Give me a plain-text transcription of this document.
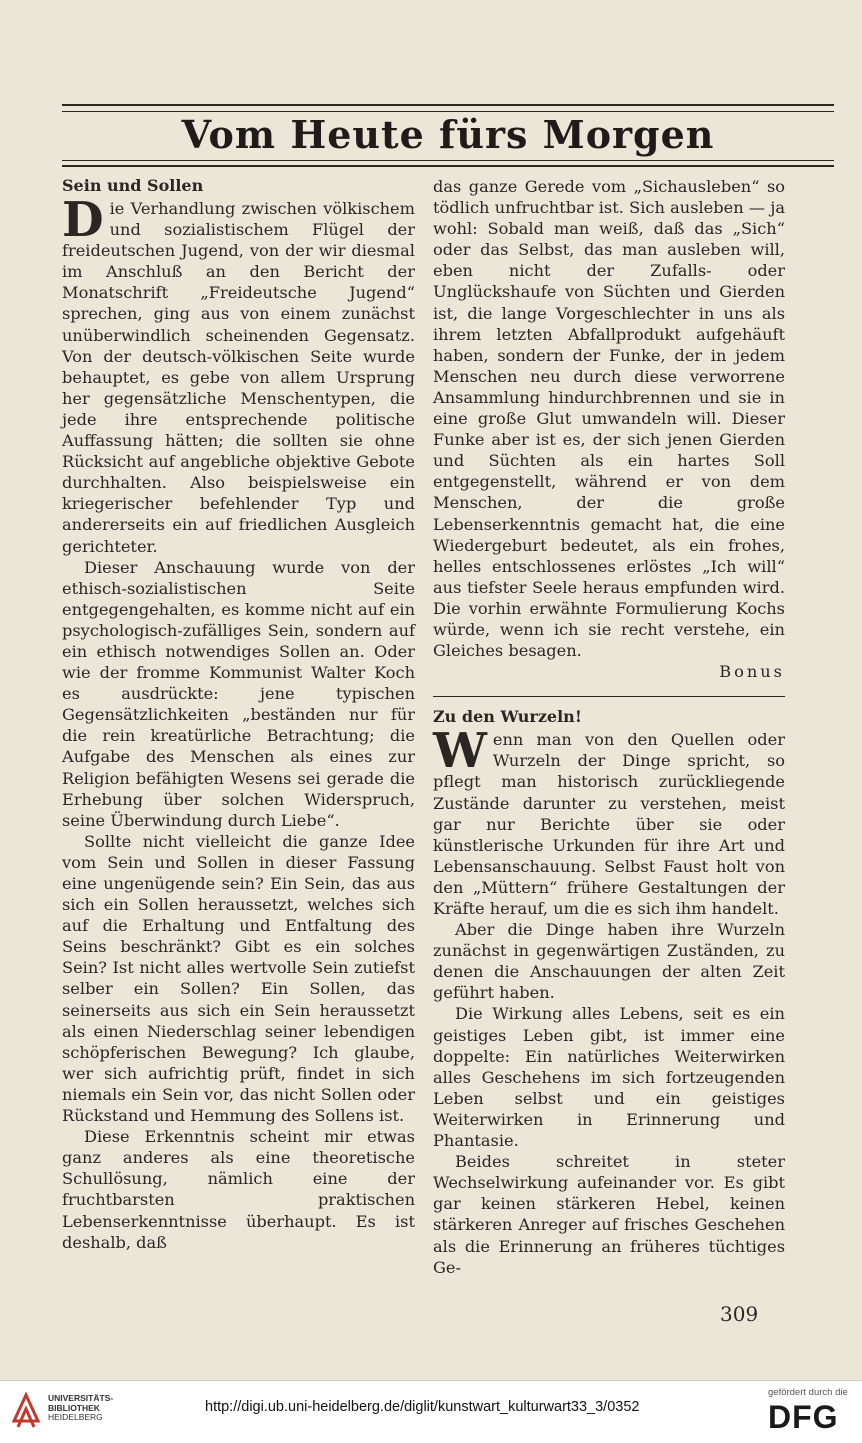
Vom Heute fürs Morgen
Sein und Sollen

Die Verhandlung zwischen völkischem und sozialistischem Flügel der freideutschen Jugend, von der wir diesmal im Anschluß an den Bericht der Monatschrift „Freideutsche Jugend“ sprechen, ging aus von einem zunächst unüberwindlich scheinenden Gegensatz. Von der deutsch-völkischen Seite wurde behauptet, es gebe von allem Ursprung her gegensätzliche Menschentypen, die jede ihre entsprechende politische Auffassung hätten; die sollten sie ohne Rücksicht auf angebliche objektive Gebote durchhalten. Also beispielsweise ein kriegerischer befehlender Typ und andererseits ein auf friedlichen Ausgleich gerichteter.

Dieser Anschauung wurde von der ethisch-sozialistischen Seite entgegengehalten, es komme nicht auf ein psychologisch-zufälliges Sein, sondern auf ein ethisch notwendiges Sollen an. Oder wie der fromme Kommunist Walter Koch es ausdrückte: jene typischen Gegensätzlichkeiten „beständen nur für die rein kreatürliche Betrachtung; die Aufgabe des Menschen als eines zur Religion befähigten Wesens sei gerade die Erhebung über solchen Widerspruch, seine Überwindung durch Liebe“.

Sollte nicht vielleicht die ganze Idee vom Sein und Sollen in dieser Fassung eine ungenügende sein? Ein Sein, das aus sich ein Sollen heraussetzt, welches sich auf die Erhaltung und Entfaltung des Seins beschränkt? Gibt es ein solches Sein? Ist nicht alles wertvolle Sein zutiefst selber ein Sollen? Ein Sollen, das seinerseits aus sich ein Sein heraussetzt als einen Niederschlag seiner lebendigen schöpferischen Bewegung? Ich glaube, wer sich aufrichtig prüft, findet in sich niemals ein Sein vor, das nicht Sollen oder Rückstand und Hemmung des Sollens ist.

Diese Erkenntnis scheint mir etwas ganz anderes als eine theoretische Schullösung, nämlich eine der fruchtbarsten praktischen Lebenserkenntnisse überhaupt. Es ist deshalb, daß

das ganze Gerede vom „Sichausleben“ so tödlich unfruchtbar ist. Sich ausleben — ja wohl: Sobald man weiß, daß das „Sich“ oder das Selbst, das man ausleben will, eben nicht der Zufalls- oder Unglückshaufe von Süchten und Gierden ist, die lange Vorgeschlechter in uns als ihrem letzten Abfallprodukt aufgehäuft haben, sondern der Funke, der in jedem Menschen neu durch diese verworrene Ansammlung hindurchbrennen und sie in eine große Glut umwandeln will. Dieser Funke aber ist es, der sich jenen Gierden und Süchten als ein hartes Soll entgegenstellt, während er von dem Menschen, der die große Lebenserkenntnis gemacht hat, die eine Wiedergeburt bedeutet, als ein frohes, helles entschlossenes erlöstes „Ich will“ aus tiefster Seele heraus empfunden wird. Die vorhin erwähnte Formulierung Kochs würde, wenn ich sie recht verstehe, ein Gleiches besagen.

Bonus

Zu den Wurzeln!

Wenn man von den Quellen oder Wurzeln der Dinge spricht, so pflegt man historisch zurückliegende Zustände darunter zu verstehen, meist gar nur Berichte über sie oder künstlerische Urkunden für ihre Art und Lebensanschauung. Selbst Faust holt von den „Müttern“ frühere Gestaltungen der Kräfte herauf, um die es sich ihm handelt.

Aber die Dinge haben ihre Wurzeln zunächst in gegenwärtigen Zuständen, zu denen die Anschauungen der alten Zeit geführt haben.

Die Wirkung alles Lebens, seit es ein geistiges Leben gibt, ist immer eine doppelte: Ein natürliches Weiterwirken alles Geschehens im sich fortzeugenden Leben selbst und ein geistiges Weiterwirken in Erinnerung und Phantasie.

Beides schreitet in steter Wechselwirkung aufeinander vor. Es gibt gar keinen stärkeren Hebel, keinen stärkeren Anreger auf frisches Geschehen als die Erinnerung an früheres tüchtiges Ge-

309
UNIVERSITÄTS-
BIBLIOTHEK
HEIDELBERG
http://digi.ub.uni-heidelberg.de/diglit/kunstwart_kulturwart33_3/0352
gefördert durch die
DFG
